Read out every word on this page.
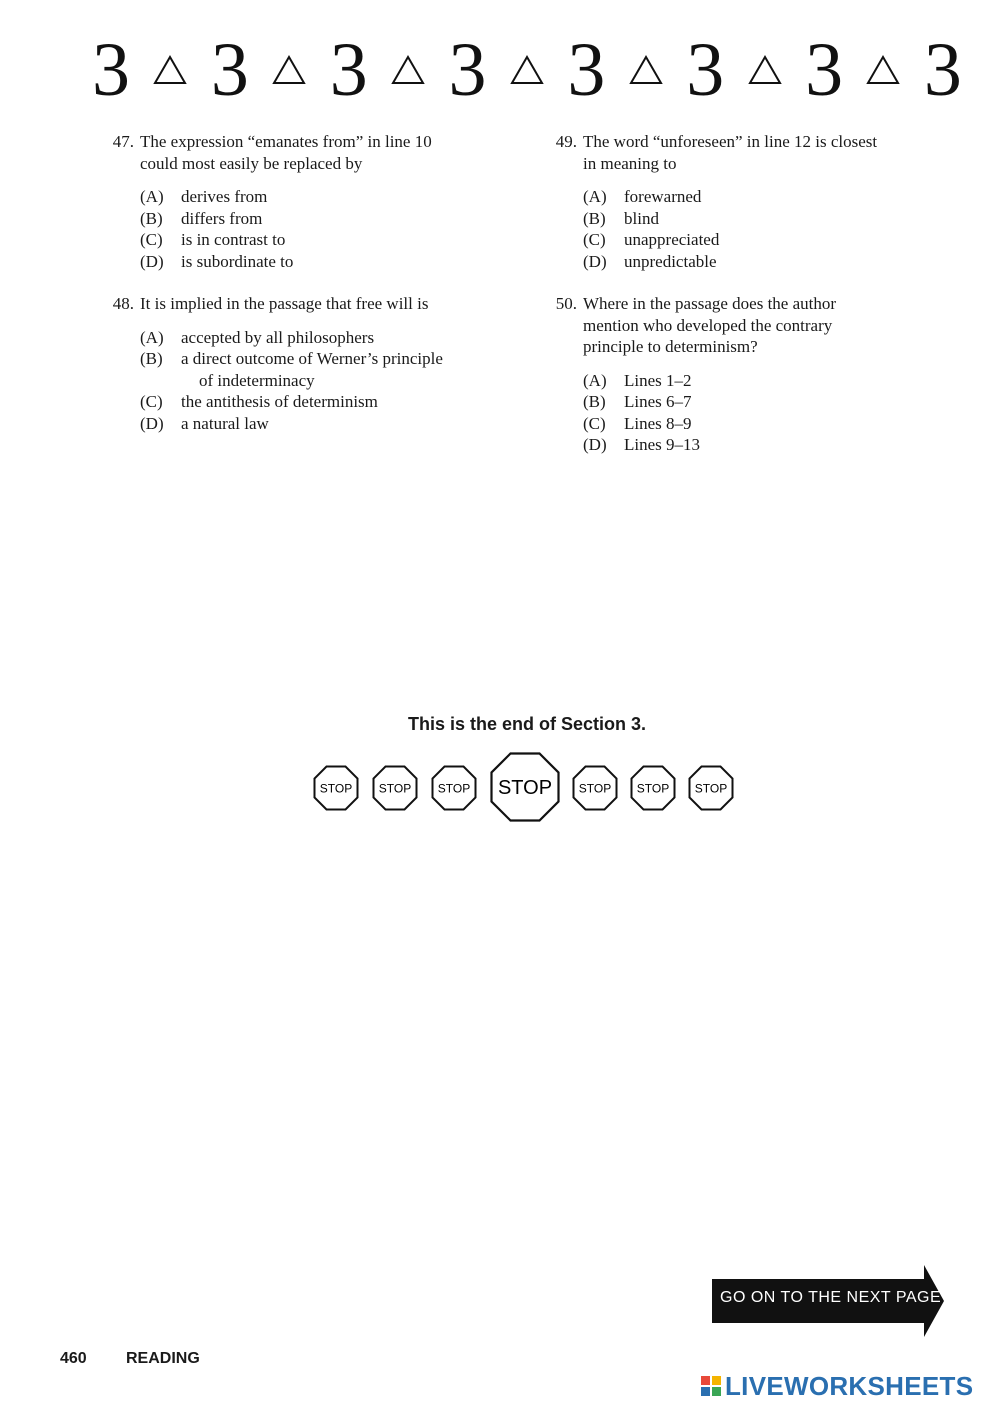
3 3 3 3 3 3 3 3
47. The expression “emanates from” in line 10
could most easily be replaced by
(A)	derives from
(B)	differs from
(C)	is in contrast to
(D)	is subordinate to
48. It is implied in the passage that free will is
(A)	accepted by all philosophers
(B)	a direct outcome of Werner’s principle
of indeterminacy
(C)	the antithesis of determinism
(D)	a natural law
49. The word “unforeseen” in line 12 is closest
in meaning to
(A)	forewarned
(B)	blind
(C)	unappreciated
(D)	unpredictable
50. Where in the passage does the author
mention who developed the contrary
principle to determinism?
(A)	Lines 1–2
(B)	Lines 6–7
(C)	Lines 8–9
(D)	Lines 9–13
This is the end of Section 3.
STOP STOP STOP STOP STOP STOP STOP
GO ON TO THE NEXT PAGE
460 READING
LIVEWORKSHEETS
